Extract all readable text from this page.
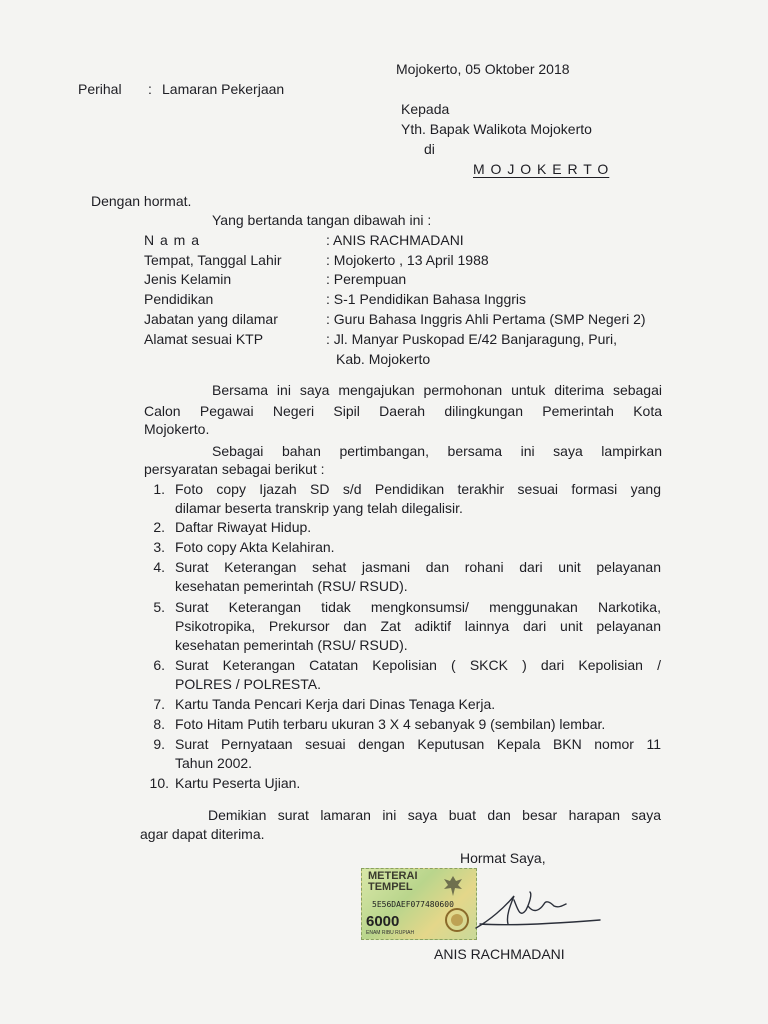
Mojokerto, 05 Oktober 2018
Perihal : Lamaran Pekerjaan
Kepada
Yth. Bapak Walikota Mojokerto
di
M O J O K E R T O
Dengan hormat.
Yang bertanda tangan dibawah ini :
N a m a	: ANIS RACHMADANI
Tempat, Tanggal Lahir	: Mojokerto , 13 April 1988
Jenis Kelamin	: Perempuan
Pendidikan	: S-1 Pendidikan Bahasa Inggris
Jabatan yang dilamar	: Guru Bahasa Inggris Ahli Pertama (SMP Negeri 2)
Alamat sesuai KTP	: Jl. Manyar Puskopad E/42 Banjaragung, Puri,
Kab. Mojokerto
Bersama ini saya mengajukan permohonan untuk diterima sebagai
Calon Pegawai Negeri Sipil Daerah dilingkungan Pemerintah Kota
Mojokerto.
Sebagai bahan pertimbangan, bersama ini saya lampirkan
persyaratan sebagai berikut :
1. Foto copy Ijazah SD s/d Pendidikan terakhir sesuai formasi yang
dilamar beserta transkrip yang telah dilegalisir.
2. Daftar Riwayat Hidup.
3. Foto copy Akta Kelahiran.
4. Surat Keterangan sehat jasmani dan rohani dari unit pelayanan
kesehatan pemerintah (RSU/ RSUD).
5. Surat Keterangan tidak mengkonsumsi/ menggunakan Narkotika,
Psikotropika, Prekursor dan Zat adiktif lainnya dari unit pelayanan
kesehatan pemerintah (RSU/ RSUD).
6. Surat Keterangan Catatan Kepolisian ( SKCK ) dari Kepolisian /
POLRES / POLRESTA.
7. Kartu Tanda Pencari Kerja dari Dinas Tenaga Kerja.
8. Foto Hitam Putih terbaru ukuran 3 X 4 sebanyak 9 (sembilan) lembar.
9. Surat Pernyataan sesuai dengan Keputusan Kepala BKN nomor 11
Tahun 2002.
10. Kartu Peserta Ujian.
Demikian surat lamaran ini saya buat dan besar harapan saya
agar dapat diterima.
Hormat Saya,
METERAI
TEMPEL
5E56DAEF077480600
6000
ENAM RIBU RUPIAH
ANIS RACHMADANI
